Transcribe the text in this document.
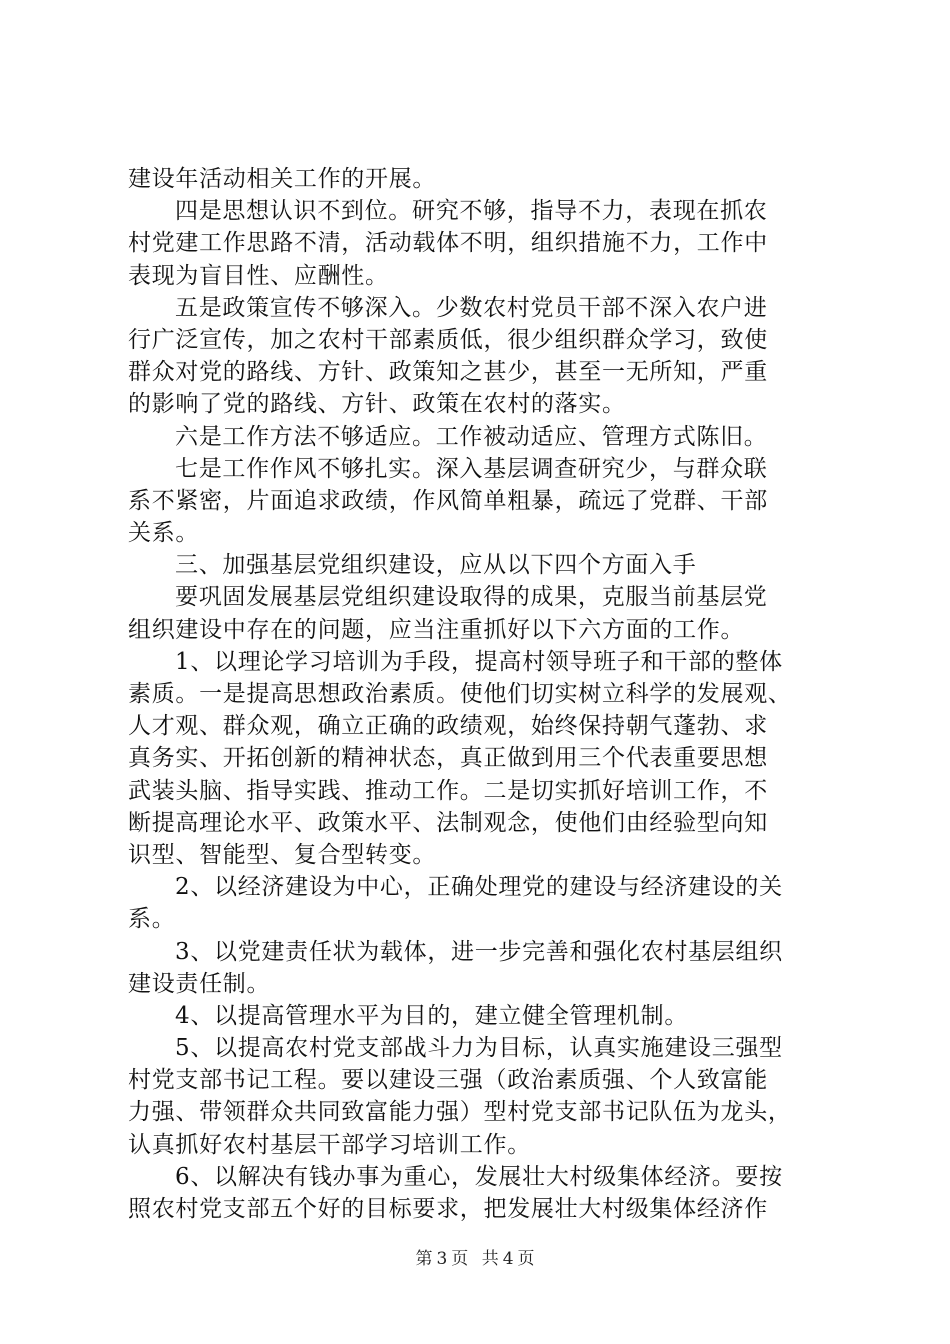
建设年活动相关工作的开展。
四是思想认识不到位。研究不够，指导不力，表现在抓农
村党建工作思路不清，活动载体不明，组织措施不力，工作中
表现为盲目性、应酬性。
五是政策宣传不够深入。少数农村党员干部不深入农户进
行广泛宣传，加之农村干部素质低，很少组织群众学习，致使
群众对党的路线、方针、政策知之甚少，甚至一无所知，严重
的影响了党的路线、方针、政策在农村的落实。
六是工作方法不够适应。工作被动适应、管理方式陈旧。
七是工作作风不够扎实。深入基层调查研究少，与群众联
系不紧密，片面追求政绩，作风简单粗暴，疏远了党群、干部
关系。
三、加强基层党组织建设，应从以下四个方面入手
要巩固发展基层党组织建设取得的成果，克服当前基层党
组织建设中存在的问题，应当注重抓好以下六方面的工作。
1、以理论学习培训为手段，提高村领导班子和干部的整体
素质。一是提高思想政治素质。使他们切实树立科学的发展观、
人才观、群众观，确立正确的政绩观，始终保持朝气蓬勃、求
真务实、开拓创新的精神状态，真正做到用三个代表重要思想
武装头脑、指导实践、推动工作。二是切实抓好培训工作，不
断提高理论水平、政策水平、法制观念，使他们由经验型向知
识型、智能型、复合型转变。
2、以经济建设为中心，正确处理党的建设与经济建设的关
系。
3、以党建责任状为载体，进一步完善和强化农村基层组织
建设责任制。
4、以提高管理水平为目的，建立健全管理机制。
5、以提高农村党支部战斗力为目标，认真实施建设三强型
村党支部书记工程。要以建设三强（政治素质强、个人致富能
力强、带领群众共同致富能力强）型村党支部书记队伍为龙头，
认真抓好农村基层干部学习培训工作。
6、以解决有钱办事为重心，发展壮大村级集体经济。要按
照农村党支部五个好的目标要求，把发展壮大村级集体经济作
第 3 页 共 4 页
